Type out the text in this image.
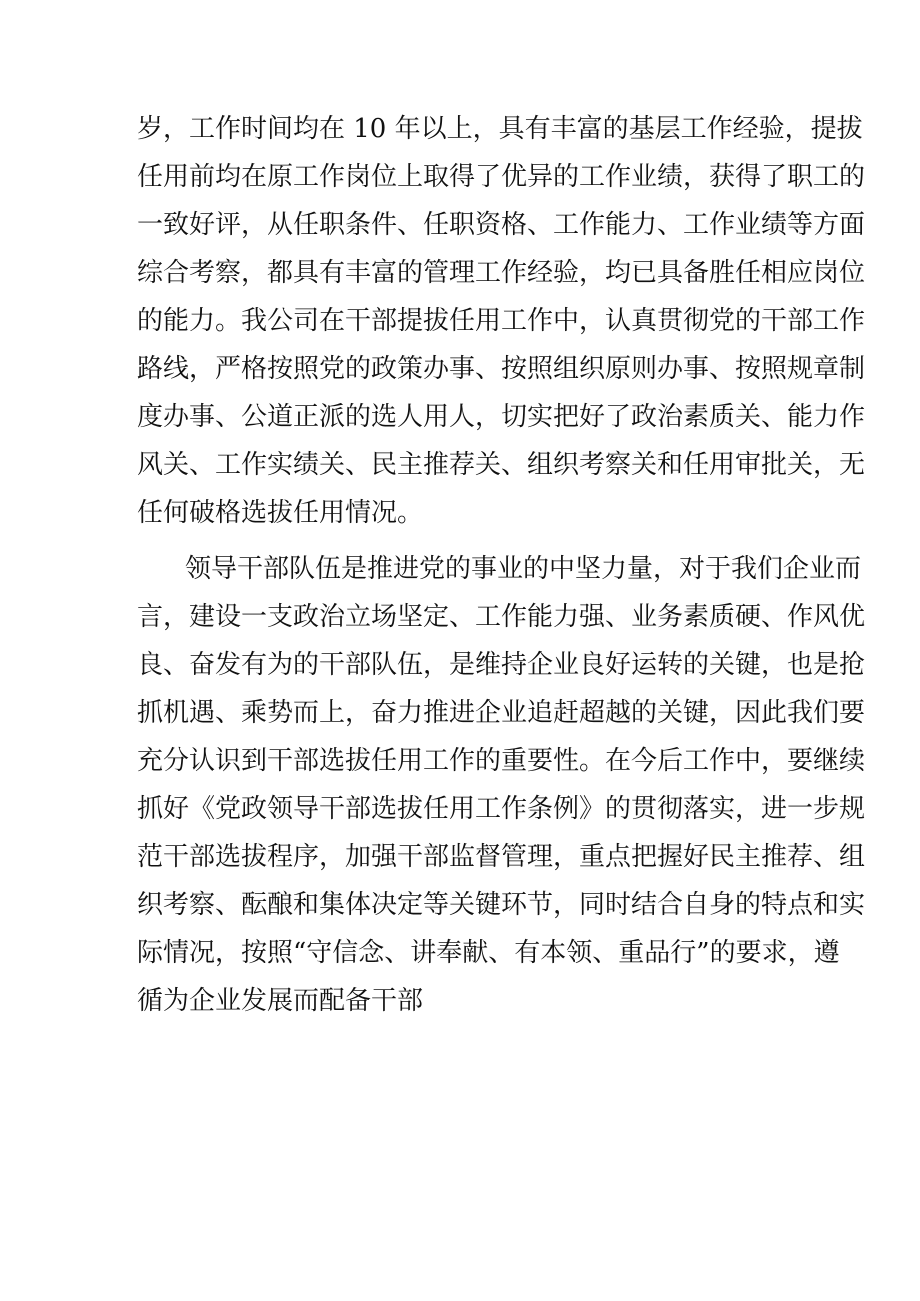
岁，工作时间均在 10 年以上，具有丰富的基层工作经验，提拔
任用前均在原工作岗位上取得了优异的工作业绩，获得了职工的
一致好评，从任职条件、任职资格、工作能力、工作业绩等方面
综合考察，都具有丰富的管理工作经验，均已具备胜任相应岗位
的能力。我公司在干部提拔任用工作中，认真贯彻党的干部工作
路线，严格按照党的政策办事、按照组织原则办事、按照规章制
度办事、公道正派的选人用人，切实把好了政治素质关、能力作
风关、工作实绩关、民主推荐关、组织考察关和任用审批关，无
任何破格选拔任用情况。
领导干部队伍是推进党的事业的中坚力量，对于我们企业而
言，建设一支政治立场坚定、工作能力强、业务素质硬、作风优
良、奋发有为的干部队伍，是维持企业良好运转的关键，也是抢
抓机遇、乘势而上，奋力推进企业追赶超越的关键，因此我们要
充分认识到干部选拔任用工作的重要性。在今后工作中，要继续
抓好《党政领导干部选拔任用工作条例》的贯彻落实，进一步规
范干部选拔程序，加强干部监督管理，重点把握好民主推荐、组
织考察、酝酿和集体决定等关键环节，同时结合自身的特点和实
际情况，按照“守信念、讲奉献、有本领、重品行”的要求，遵
循为企业发展而配备干部
